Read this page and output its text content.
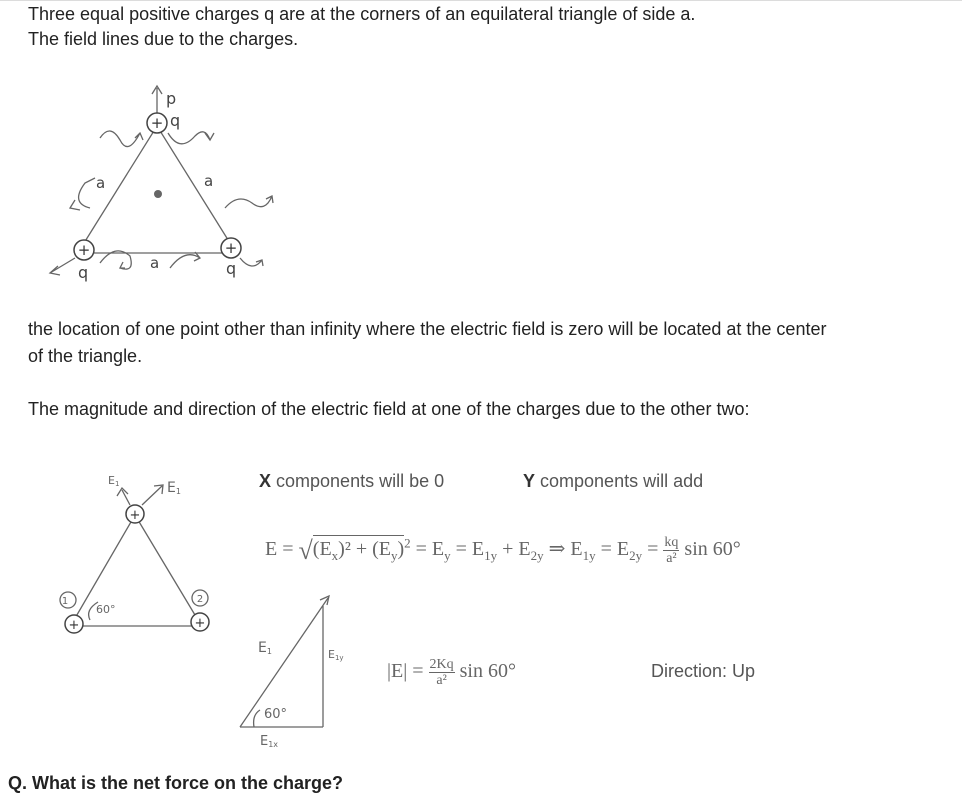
Three equal positive charges q are at the corners of an equilateral triangle of side a.
The field lines due to the charges.
+
+	+
p
q
q	q
a	a
a
the location of one point other than infinity where the electric field is zero will be located at the center
of the triangle.
The magnitude and direction of the electric field at one of the charges due to the other two:
+
+	+
E1	E1
1	2
60°
X components will be 0	Y components will add
$E = √(E_x)^2 + (E_y)^2 = E_y = E_{1y} + E_{2y}$ ⇒ $E_{1y} = E_{2y} = \frac{kq}{\text{a²}}$ sin 60°
E1	E1y
60°
E1x
$|E| = \frac{2Kq}{\text{a²}}$ sin 60°	Direction: Up
Q. What is the net force on the charge?
